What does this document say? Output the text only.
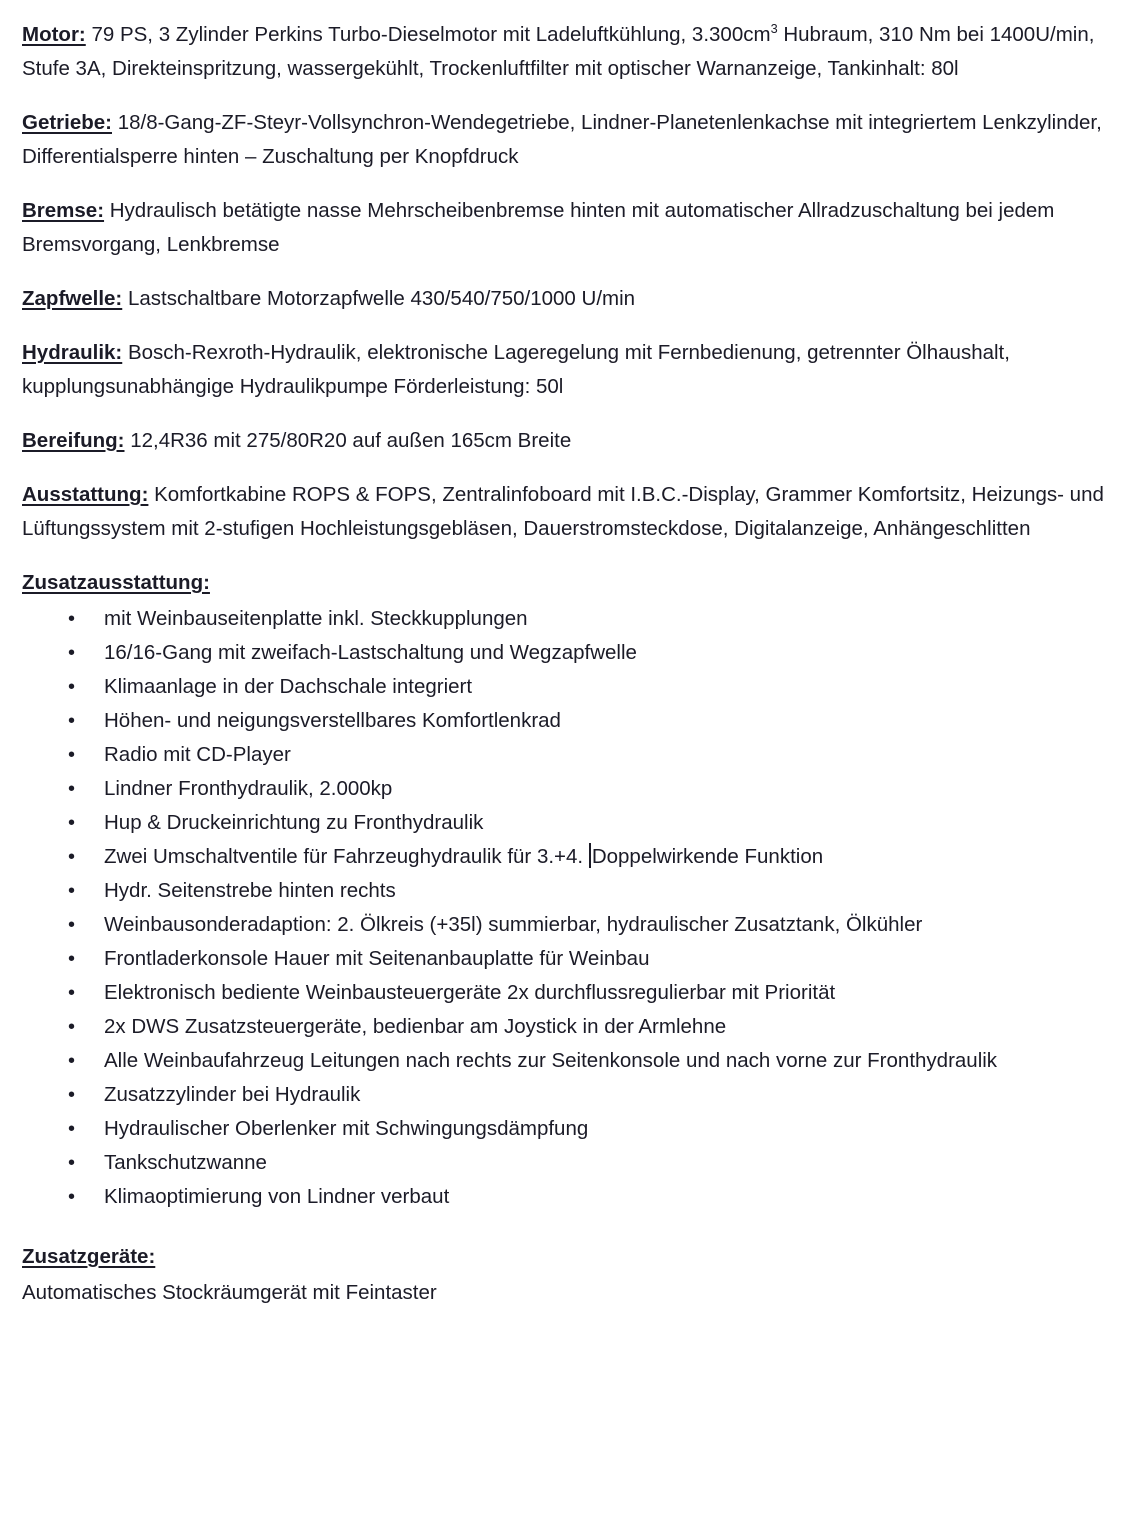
Motor: 79 PS, 3 Zylinder Perkins Turbo-Dieselmotor mit Ladeluftkühlung, $3.300cm^3$ Hubraum, 310 Nm bei 1400U/min, Stufe 3A, Direkteinspritzung, wassergekühlt, Trockenluftfilter mit optischer Warnanzeige, Tankinhalt: 80l

Getriebe: 18/8-Gang-ZF-Steyr-Vollsynchron-Wendegetriebe, Lindner-Planetenlenkachse mit integriertem Lenkzylinder, Differentialsperre hinten – Zuschaltung per Knopfdruck

Bremse: Hydraulisch betätigte nasse Mehrscheibenbremse hinten mit automatischer Allradzuschaltung bei jedem Bremsvorgang, Lenkbremse

Zapfwelle: Lastschaltbare Motorzapfwelle 430/540/750/1000 U/min

Hydraulik: Bosch-Rexroth-Hydraulik, elektronische Lageregelung mit Fernbedienung, getrennter Ölhaushalt, kupplungsunabhängige Hydraulikpumpe Förderleistung: 50l

Bereifung: 12,4R36 mit 275/80R20 auf außen 165cm Breite

Ausstattung: Komfortkabine ROPS & FOPS, Zentralinfoboard mit I.B.C.-Display, Grammer Komfortsitz, Heizungs- und Lüftungssystem mit 2-stufigen Hochleistungsgebläsen, Dauerstromsteckdose, Digitalanzeige, Anhängeschlitten

Zusatzausstattung:
• mit Weinbauseitenplatte inkl. Steckkupplungen
• 16/16-Gang mit zweifach-Lastschaltung und Wegzapfwelle
• Klimaanlage in der Dachschale integriert
• Höhen- und neigungsverstellbares Komfortlenkrad
• Radio mit CD-Player
• Lindner Fronthydraulik, 2.000kp
• Hup & Druckeinrichtung zu Fronthydraulik
• Zwei Umschaltventile für Fahrzeughydraulik für 3.+4. Doppelwirkende Funktion
• Hydr. Seitenstrebe hinten rechts
• Weinbausonderadaption: 2. Ölkreis (+35l) summierbar, hydraulischer Zusatztank, Ölkühler
• Frontladerkonsole Hauer mit Seitenanbauplatte für Weinbau
• Elektronisch bediente Weinbausteuergeräte 2x durchflussregulierbar mit Priorität
• 2x DWS Zusatzsteuergeräte, bedienbar am Joystick in der Armlehne
• Alle Weinbaufahrzeug Leitungen nach rechts zur Seitenkonsole und nach vorne zur Fronthydraulik
• Zusatzzylinder bei Hydraulik
• Hydraulischer Oberlenker mit Schwingungsdämpfung
• Tankschutzwanne
• Klimaoptimierung von Lindner verbaut
Zusatzgeräte:

Automatisches Stockräumgerät mit Feintaster
